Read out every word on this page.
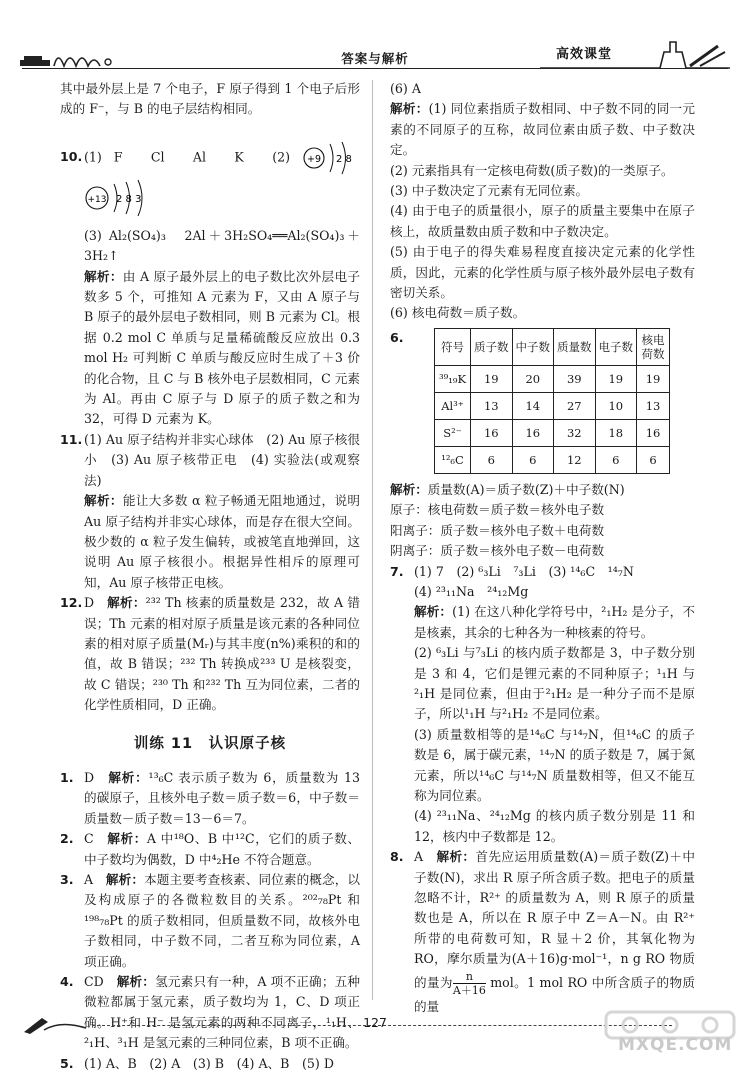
答案与解析	高效课堂

其中最外层上是 7 个电子，F 原子得到 1 个电子后形成的 F⁻，与 B 的电子层结构相同。

10. (1) F　Cl　Al　K　(2) +9 2 8

+13 2 8 3

(3) Al₂(SO₄)₃　2Al＋3H₂SO₄══Al₂(SO₄)₃＋3H₂↑

解析：由 A 原子最外层上的电子数比次外层电子数多 5 个，可推知 A 元素为 F，又由 A 原子与 B 原子的最外层电子数相同，则 B 元素为 Cl。根据 0.2 mol C 单质与足量稀硫酸反应放出 0.3 mol H₂ 可判断 C 单质与酸反应时生成了＋3 价的化合物，且 C 与 B 核外电子层数相同，C 元素为 Al。再由 C 原子与 D 原子的质子数之和为 32，可得 D 元素为 K。

11. (1) Au 原子结构并非实心球体　(2) Au 原子核很小　(3) Au 原子核带正电　(4) 实验法(或观察法)

解析：能让大多数 α 粒子畅通无阻地通过，说明 Au 原子结构并非实心球体，而是存在很大空间。极少数的 α 粒子发生偏转，或被笔直地弹回，这说明 Au 原子核很小。根据异性相斥的原理可知，Au 原子核带正电核。

12. D　解析：²³² Th 核素的质量数是 232，故 A 错误；Th 元素的相对原子质量是该元素的各种同位素的相对原子质量(Mᵣ)与其丰度(n%)乘积的和的值，故 B 错误；²³² Th 转换成²³³ U 是核裂变，故 C 错误；²³⁰ Th 和²³² Th 互为同位素，二者的化学性质相同，D 正确。

训练 11　认识原子核

1. D　解析：¹³₆C 表示质子数为 6，质量数为 13 的碳原子，且核外电子数＝质子数＝6，中子数＝质量数－质子数＝13－6＝7。

2. C　解析：A 中¹⁸O、B 中¹²C，它们的质子数、中子数均为偶数，D 中⁴₂He 不符合题意。

3. A　解析：本题主要考查核素、同位素的概念，以及构成原子的各微粒数目的关系。²⁰²₇₈Pt 和¹⁹⁸₇₈Pt 的质子数相同，但质量数不同，故核外电子数相同，中子数不同，二者互称为同位素，A 项正确。

4. CD　解析：氢元素只有一种，A 项不正确；五种微粒都属于氢元素，质子数均为 1，C、D 项正确。H⁺和 H⁻ 是氢元素的两种不同离子，¹₁H、²₁H、³₁H 是氢元素的三种同位素，B 项不正确。

5. (1) A、B　(2) A　(3) B　(4) A、B　(5) D

(6) A

解析：(1) 同位素指质子数相同、中子数不同的同一元素的不同原子的互称，故同位素由质子数、中子数决定。

(2) 元素指具有一定核电荷数(质子数)的一类原子。

(3) 中子数决定了元素有无同位素。

(4) 由于电子的质量很小，原子的质量主要集中在原子核上，故质量数由质子数和中子数决定。

(5) 由于电子的得失难易程度直接决定元素的化学性质，因此，元素的化学性质与原子核外最外层电子数有密切关系。

(6) 核电荷数＝质子数。

6.
符号	质子数	中子数	质量数	电子数	核电荷数
³⁹₁₉K	19	20	39	19	19
Al³⁺	13	14	27	10	13
S²⁻	16	16	32	18	16
¹²₆C	6	6	12	6	6

解析：质量数(A)＝质子数(Z)＋中子数(N)

原子：核电荷数＝质子数＝核外电子数

阳离子：质子数＝核外电子数＋电荷数

阴离子：质子数＝核外电子数－电荷数

7. (1) 7　(2) ⁶₃Li　⁷₃Li　(3) ¹⁴₆C　¹⁴₇N

(4) ²³₁₁Na　²⁴₁₂Mg

解析：(1) 在这八种化学符号中，²₁H₂ 是分子，不是核素，其余的七种各为一种核素的符号。

(2) ⁶₃Li 与⁷₃Li 的核内质子数都是 3，中子数分别是 3 和 4，它们是锂元素的不同种原子；¹₁H 与²₁H 是同位素，但由于²₁H₂ 是一种分子而不是原子，所以¹₁H 与²₁H₂ 不是同位素。

(3) 质量数相等的是¹⁴₆C 与¹⁴₇N，但¹⁴₆C 的质子数是 6，属于碳元素，¹⁴₇N 的质子数是 7，属于氮元素，所以¹⁴₆C 与¹⁴₇N 质量数相等，但又不能互称为同位素。

(4) ²³₁₁Na、²⁴₁₂Mg 的核内质子数分别是 11 和 12，核内中子数都是 12。

8. A　解析：首先应运用质量数(A)＝质子数(Z)＋中子数(N)，求出 R 原子所含质子数。把电子的质量忽略不计，R²⁺ 的质量数为 A，则 R 原子的质量数也是 A，所以在 R 原子中 Z＝A－N。由 R²⁺ 所带的电荷数可知，R 显＋2 价，其氧化物为 RO，摩尔质量为(A＋16)g·mol⁻¹，n g RO 物质的量为 $\frac{n}{A+16}$ mol。1 mol RO 中所含质子的物质的量

127
MXQE.COM
